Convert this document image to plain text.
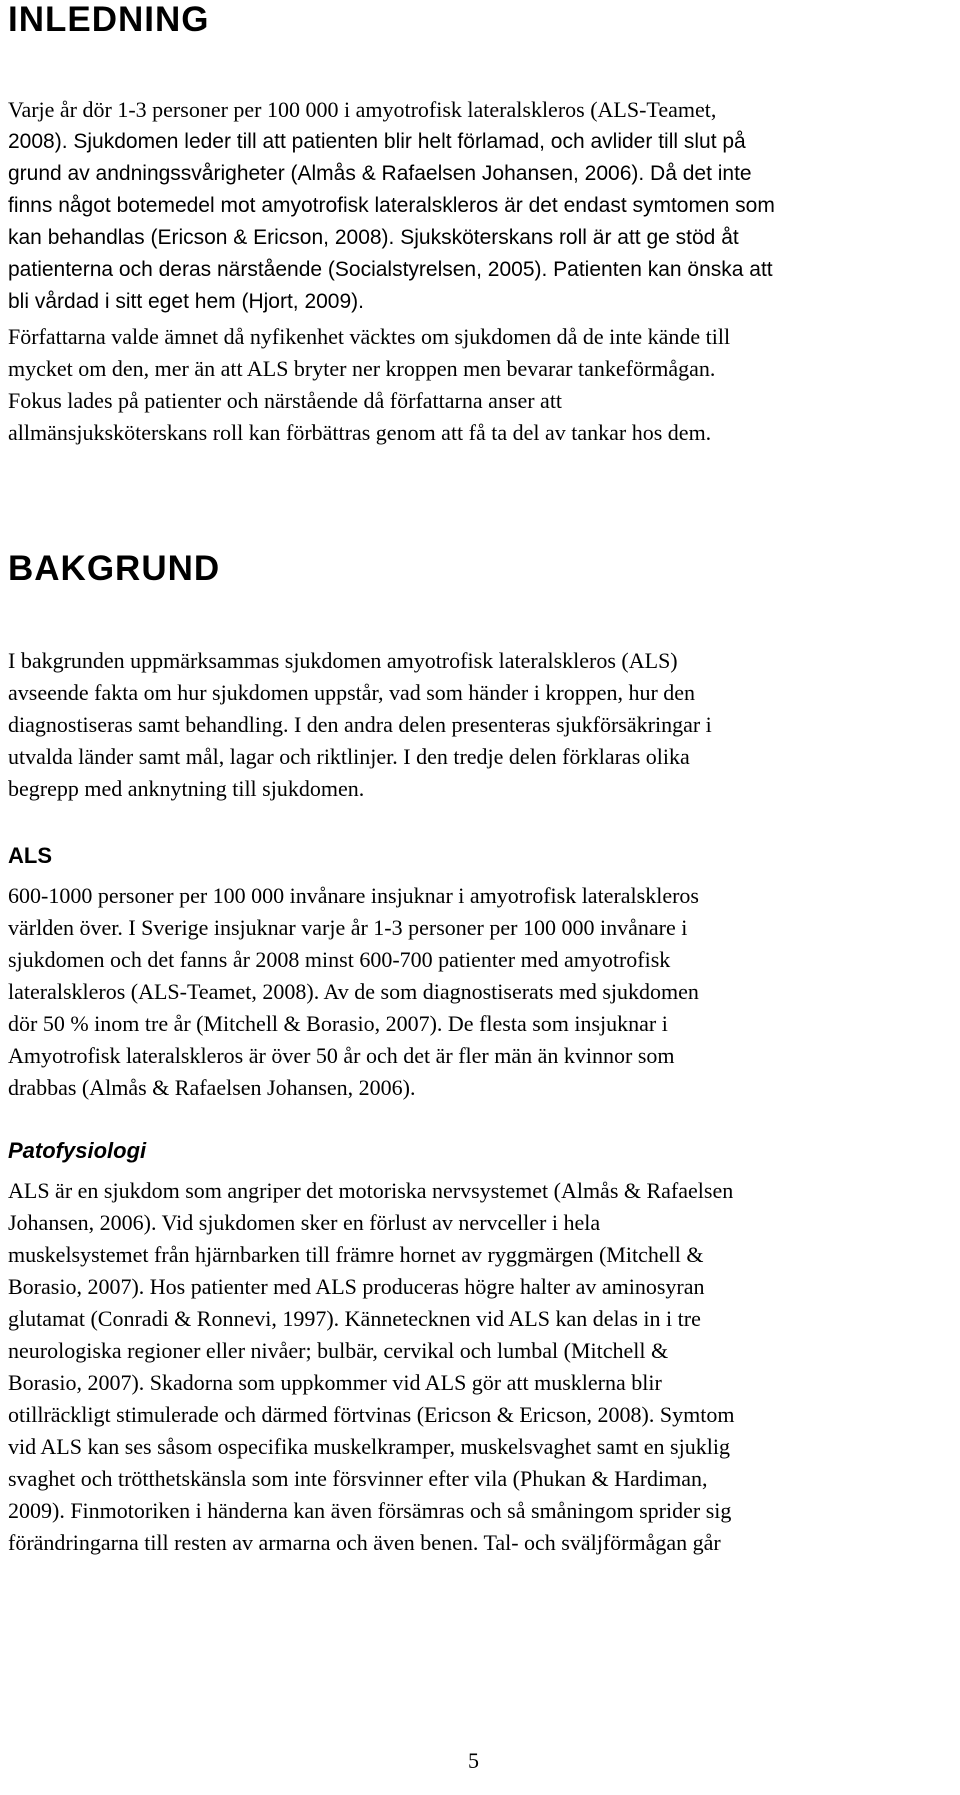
INLEDNING
Varje år dör 1-3 personer per 100 000 i amyotrofisk lateralskleros (ALS-Teamet,
2008). Sjukdomen leder till att patienten blir helt förlamad, och avlider till slut på
grund av andningssvårigheter (Almås & Rafaelsen Johansen, 2006). Då det inte
finns något botemedel mot amyotrofisk lateralskleros är det endast symtomen som
kan behandlas (Ericson & Ericson, 2008). Sjuksköterskans roll är att ge stöd åt
patienterna och deras närstående (Socialstyrelsen, 2005). Patienten kan önska att
bli vårdad i sitt eget hem (Hjort, 2009).
Författarna valde ämnet då nyfikenhet väcktes om sjukdomen då de inte kände till
mycket om den, mer än att ALS bryter ner kroppen men bevarar tankeförmågan.
Fokus lades på patienter och närstående då författarna anser att
allmänsjuksköterskans roll kan förbättras genom att få ta del av tankar hos dem.
BAKGRUND
I bakgrunden uppmärksammas sjukdomen amyotrofisk lateralskleros (ALS)
avseende fakta om hur sjukdomen uppstår, vad som händer i kroppen, hur den
diagnostiseras samt behandling. I den andra delen presenteras sjukförsäkringar i
utvalda länder samt mål, lagar och riktlinjer. I den tredje delen förklaras olika
begrepp med anknytning till sjukdomen.
ALS
600-1000 personer per 100 000 invånare insjuknar i amyotrofisk lateralskleros
världen över. I Sverige insjuknar varje år 1-3 personer per 100 000 invånare i
sjukdomen och det fanns år 2008 minst 600-700 patienter med amyotrofisk
lateralskleros (ALS-Teamet, 2008). Av de som diagnostiserats med sjukdomen
dör 50 % inom tre år (Mitchell & Borasio, 2007). De flesta som insjuknar i
Amyotrofisk lateralskleros är över 50 år och det är fler män än kvinnor som
drabbas (Almås & Rafaelsen Johansen, 2006).
Patofysiologi
ALS är en sjukdom som angriper det motoriska nervsystemet (Almås & Rafaelsen
Johansen, 2006). Vid sjukdomen sker en förlust av nervceller i hela
muskelsystemet från hjärnbarken till främre hornet av ryggmärgen (Mitchell &
Borasio, 2007). Hos patienter med ALS produceras högre halter av aminosyran
glutamat (Conradi & Ronnevi, 1997). Kännetecknen vid ALS kan delas in i tre
neurologiska regioner eller nivåer; bulbär, cervikal och lumbal (Mitchell &
Borasio, 2007). Skadorna som uppkommer vid ALS gör att musklerna blir
otillräckligt stimulerade och därmed förtvinas (Ericson & Ericson, 2008). Symtom
vid ALS kan ses såsom ospecifika muskelkramper, muskelsvaghet samt en sjuklig
svaghet och trötthetskänsla som inte försvinner efter vila (Phukan & Hardiman,
2009). Finmotoriken i händerna kan även försämras och så småningom sprider sig
förändringarna till resten av armarna och även benen. Tal- och sväljförmågan går
5
